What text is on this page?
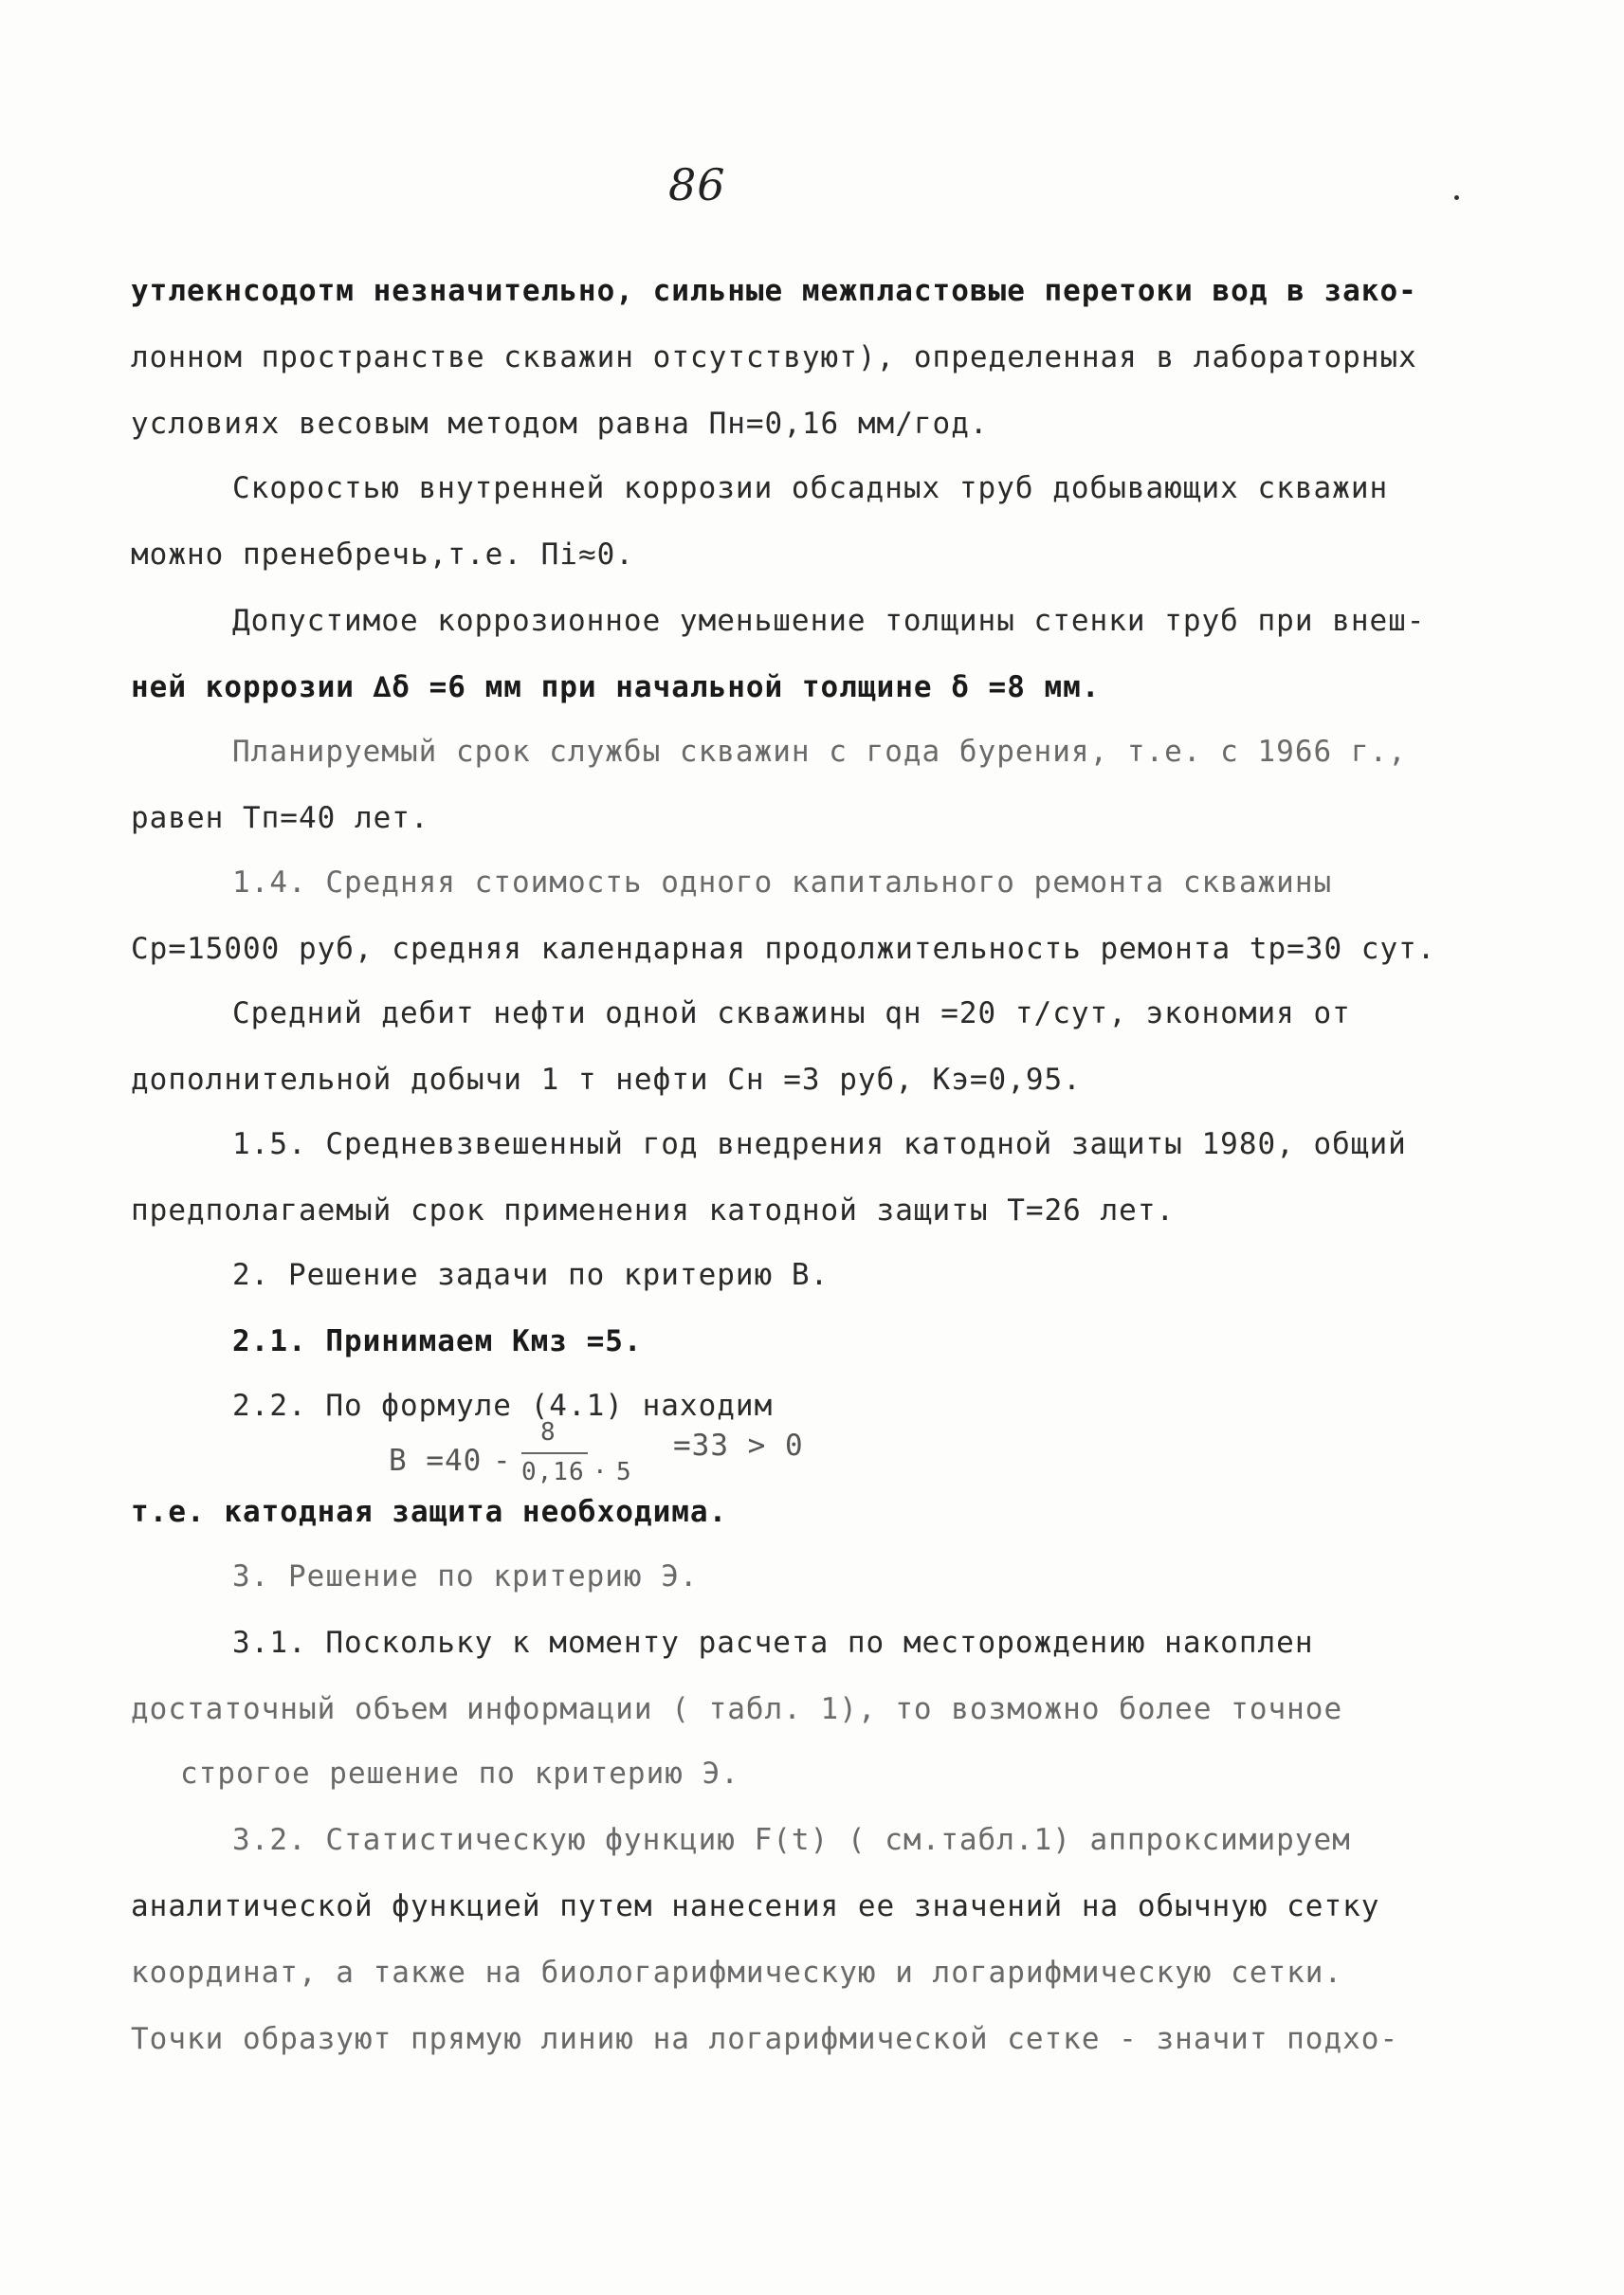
86
утлекнсодотм незначительно, сильные межпластовые перетоки вод в зако-
лонном пространстве скважин отсутствуют), определенная в лабораторных
условиях весовым методом равна Пн=0,16 мм/год.
Скоростью внутренней коррозии обсадных труб добывающих скважин
можно пренебречь,т.е. Пi≈0.
Допустимое коррозионное уменьшение толщины стенки труб при внеш-
ней коррозии ∆δ =6 мм при начальной толщине δ =8 мм.
Планируемый срок службы скважин с года бурения, т.е. с 1966 г.,
равен Тп=40 лет.
1.4. Средняя стоимость одного капитального ремонта скважины
Ср=15000 руб, средняя календарная продолжительность ремонта tр=30 сут.
Средний дебит нефти одной скважины qн =20 т/сут, экономия от
дополнительной добычи 1 т нефти Сн =3 руб, Кэ=0,95.
1.5. Средневзвешенный год внедрения катодной защиты 1980, общий
предполагаемый срок применения катодной защиты Т=26 лет.
2. Решение задачи по критерию В.
2.1. Принимаем Кмз =5.
2.2. По формуле (4.1) находим
В =40 -
8
0,16 · 5
=33 > 0
т.е. катодная защита необходима.
3. Решение по критерию Э.
3.1. Поскольку к моменту расчета по месторождению накоплен
достаточный объем информации ( табл. 1), то возможно более точное
строгое решение по критерию Э.
3.2. Статистическую функцию F(t) ( см.табл.1) аппроксимируем
аналитической функцией путем нанесения ее значений на обычную сетку
координат, а также на биологарифмическую и логарифмическую сетки.
Точки образуют прямую линию на логарифмической сетке - значит подхо-
